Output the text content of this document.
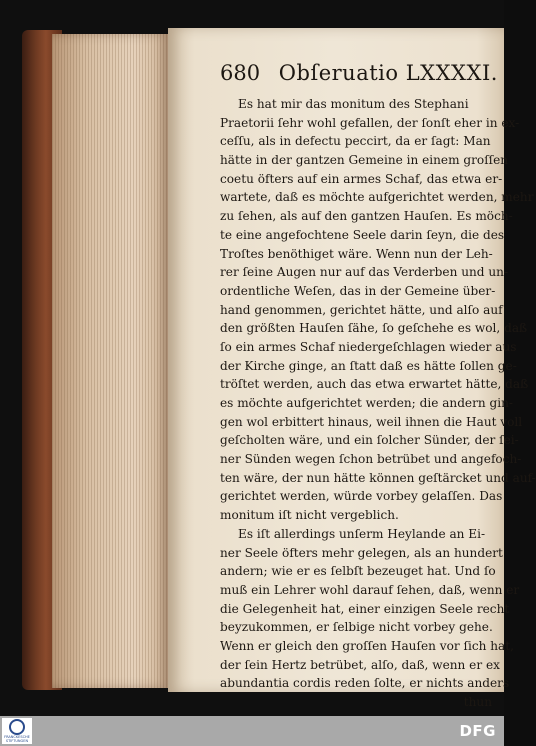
680 Obſeruatio LXXXXI.
Es hat mir das monitum des Stephani
Praetorii ſehr wohl gefallen, der ſonſt eher in ex-
ceſſu, als in defectu peccirt, da er ſagt: Man
hätte in der gantzen Gemeine in einem groſſen
coetu öfters auf ein armes Schaf, das etwa er-
wartete, daß es möchte aufgerichtet werden, mehr
zu ſehen, als auf den gantzen Hauſen. Es möch-
te eine angefochtene Seele darin ſeyn, die des
Troſtes benöthiget wäre. Wenn nun der Leh-
rer ſeine Augen nur auf das Verderben und un-
ordentliche Weſen, das in der Gemeine über-
hand genommen, gerichtet hätte, und alſo auf
den größten Hauſen ſähe, ſo geſchehe es wol, daß
ſo ein armes Schaf niedergeſchlagen wieder aus
der Kirche ginge, an ſtatt daß es hätte ſollen ge-
tröſtet werden, auch das etwa erwartet hätte, daß
es möchte aufgerichtet werden; die andern gin-
gen wol erbittert hinaus, weil ihnen die Haut voll
geſcholten wäre, und ein ſolcher Sünder, der ſei-
ner Sünden wegen ſchon betrübet und angefoch-
ten wäre, der nun hätte können geſtärcket und auf-
gerichtet werden, würde vorbey gelaſſen. Das
monitum iſt nicht vergeblich.
Es iſt allerdings unſerm Heylande an Ei-
ner Seele öfters mehr gelegen, als an hundert
andern; wie er es ſelbſt bezeuget hat. Und ſo
muß ein Lehrer wohl darauf ſehen, daß, wenn er
die Gelegenheit hat, einer einzigen Seele recht
beyzukommen, er ſelbige nicht vorbey gehe.
Wenn er gleich den groſſen Hauſen vor ſich hat,
der ſein Hertz betrübet, alſo, daß, wenn er ex
abundantia cordis reden ſolte, er nichts anders
thun
FRANCKESCHE STIFTUNGEN
DFG
